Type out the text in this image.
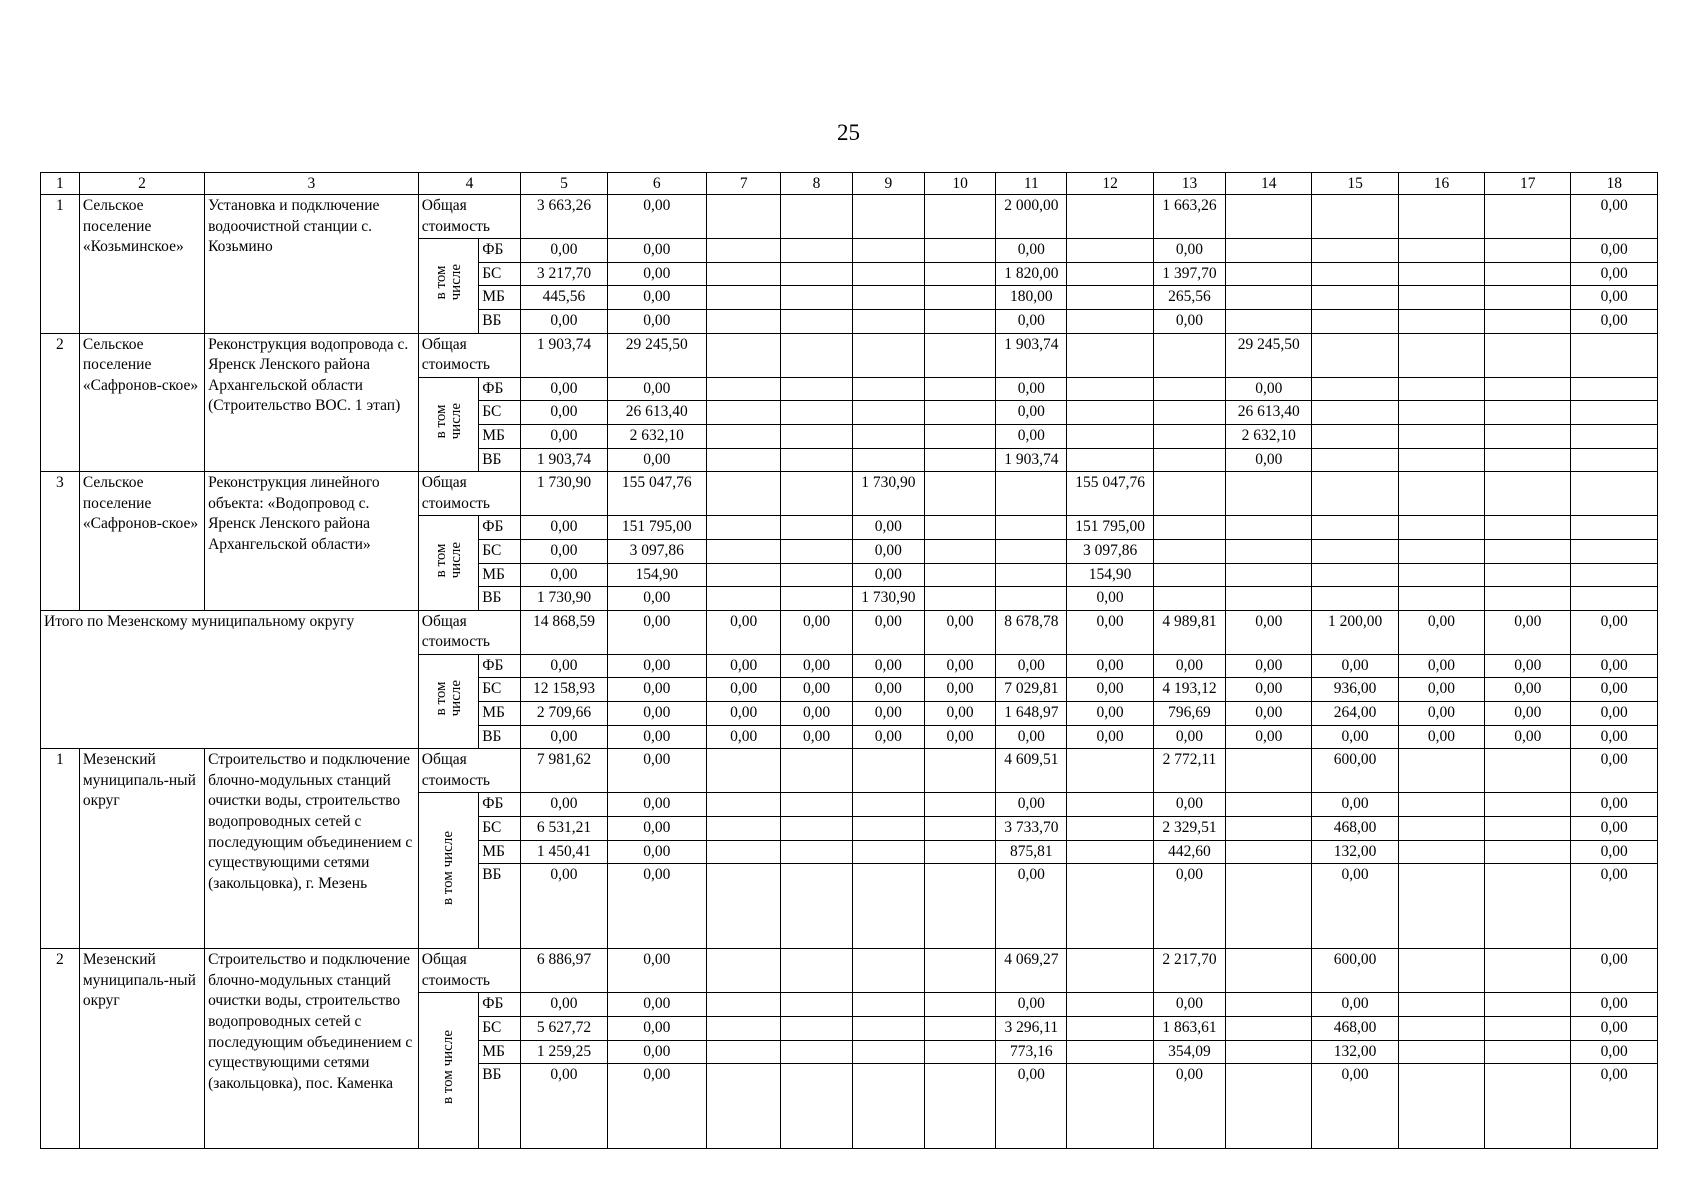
25
1	2	3	4		5	6	7	8	9	10	11	12	13	14	15	16	17	18
1	Сельское поселение «Козьминское»	Установка и подключение водоочистной станции с. Козьмино	Общая стоимость		3 663,26	0,00					2 000,00		1 663,26					0,00

			в том числе	ФБ	0,00	0,00					0,00		0,00					0,00
				БС	3 217,70	0,00					1 820,00		1 397,70					0,00
				МБ	445,56	0,00					180,00		265,56					0,00
				ВБ	0,00	0,00					0,00		0,00					0,00
2	Сельское поселение «Сафронов-ское»	Реконструкция водопровода с. Яренск Ленского района Архангельской области (Строительство ВОС. 1 этап)	Общая стоимость		1 903,74	29 245,50					1 903,74			29 245,50				

			в том числе	ФБ	0,00	0,00					0,00			0,00				
				БС	0,00	26 613,40					0,00			26 613,40				
				МБ	0,00	2 632,10					0,00			2 632,10				
				ВБ	1 903,74	0,00					1 903,74			0,00				
3	Сельское поселение «Сафронов-ское»	Реконструкция линейного объекта: «Водопровод с. Яренск Ленского района Архангельской области»	Общая стоимость		1 730,90	155 047,76			1 730,90			155 047,76						

			в том числе	ФБ	0,00	151 795,00			0,00			151 795,00						
				БС	0,00	3 097,86			0,00			3 097,86						
				МБ	0,00	154,90			0,00			154,90						
				ВБ	1 730,90	0,00			1 730,90			0,00						
Итого по Мезенскому муниципальному округу			Общая стоимость		14 868,59	0,00	0,00	0,00	0,00	0,00	8 678,78	0,00	4 989,81	0,00	1 200,00	0,00	0,00	0,00

			в том числе	ФБ	0,00	0,00	0,00	0,00	0,00	0,00	0,00	0,00	0,00	0,00	0,00	0,00	0,00	0,00
				БС	12 158,93	0,00	0,00	0,00	0,00	0,00	7 029,81	0,00	4 193,12	0,00	936,00	0,00	0,00	0,00
				МБ	2 709,66	0,00	0,00	0,00	0,00	0,00	1 648,97	0,00	796,69	0,00	264,00	0,00	0,00	0,00
				ВБ	0,00	0,00	0,00	0,00	0,00	0,00	0,00	0,00	0,00	0,00	0,00	0,00	0,00	0,00
1	Мезенский муниципаль-ный округ	Строительство и подключение блочно-модульных станций очистки воды, строительство водопроводных сетей с последующим объединением с существующими сетями (закольцовка), г. Мезень	Общая стоимость		7 981,62	0,00					4 609,51		2 772,11		600,00			0,00

			в том числе	ФБ	0,00	0,00					0,00		0,00		0,00			0,00
				БС	6 531,21	0,00					3 733,70		2 329,51		468,00			0,00
				МБ	1 450,41	0,00					875,81		442,60		132,00			0,00
				ВБ	0,00	0,00					0,00		0,00		0,00			0,00
2	Мезенский муниципаль-ный округ	Строительство и подключение блочно-модульных станций очистки воды, строительство водопроводных сетей с последующим объединением с существующими сетями (закольцовка), пос. Каменка	Общая стоимость		6 886,97	0,00					4 069,27		2 217,70		600,00			0,00

			в том числе	ФБ	0,00	0,00					0,00		0,00		0,00			0,00
				БС	5 627,72	0,00					3 296,11		1 863,61		468,00			0,00
				МБ	1 259,25	0,00					773,16		354,09		132,00			0,00
				ВБ	0,00	0,00					0,00		0,00		0,00			0,00
